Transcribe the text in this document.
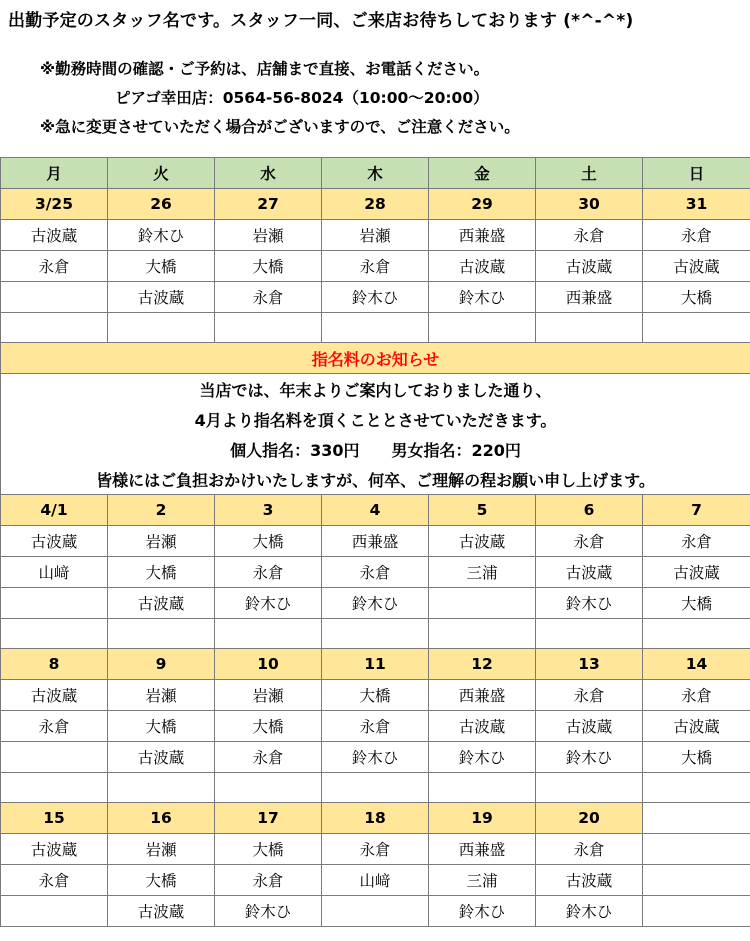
出勤予定のスタッフ名です。スタッフ一同、ご来店お待ちしております (*^-^*)
※勤務時間の確認・ご予約は、店舗まで直接、お電話ください。
ピアゴ幸田店：0564-56-8024（10:00～20:00）
※急に変更させていただく場合がございますので、ご注意ください。
月	火	水	木	金	土	日
3/25	26	27	28	29	30	31
古波蔵	鈴木ひ	岩瀬	岩瀬	西兼盛	永倉	永倉
永倉	大橋	大橋	永倉	古波蔵	古波蔵	古波蔵
	古波蔵	永倉	鈴木ひ	鈴木ひ	西兼盛	大橋

指名料のお知らせ						
当店では、年末よりご案内しておりました通り、						
4月より指名料を頂くこととさせていただきます。						
個人指名：330円　　男女指名：220円						
皆様にはご負担おかけいたしますが、何卒、ご理解の程お願い申し上げます。						
4/1	2	3	4	5	6	7
古波蔵	岩瀬	大橋	西兼盛	古波蔵	永倉	永倉
山﨑	大橋	永倉	永倉	三浦	古波蔵	古波蔵
	古波蔵	鈴木ひ	鈴木ひ		鈴木ひ	大橋

8	9	10	11	12	13	14
古波蔵	岩瀬	岩瀬	大橋	西兼盛	永倉	永倉
永倉	大橋	大橋	永倉	古波蔵	古波蔵	古波蔵
	古波蔵	永倉	鈴木ひ	鈴木ひ	鈴木ひ	大橋

15	16	17	18	19	20	
古波蔵	岩瀬	大橋	永倉	西兼盛	永倉	
永倉	大橋	永倉	山﨑	三浦	古波蔵	
	古波蔵	鈴木ひ		鈴木ひ	鈴木ひ	
